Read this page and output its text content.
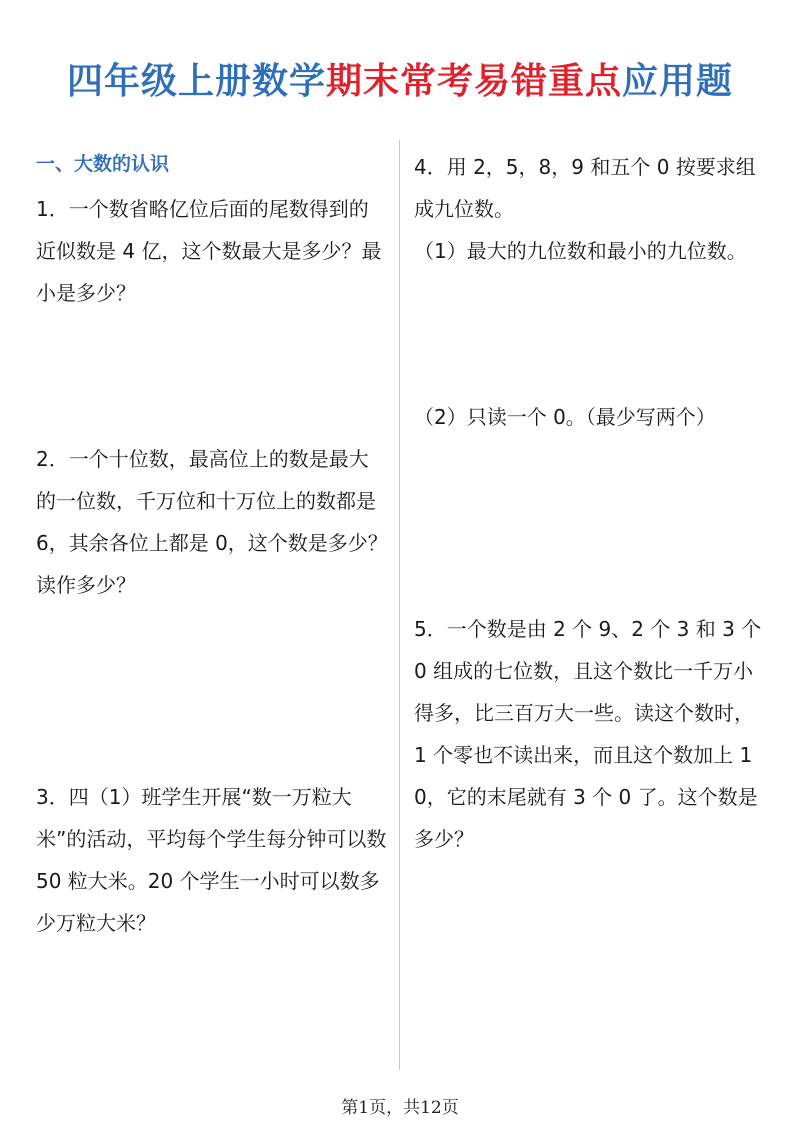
四年级上册数学期末常考易错重点应用题
一、大数的认识
1．一个数省略亿位后面的尾数得到的近似数是 4 亿，这个数最大是多少？最小是多少？
2．一个十位数，最高位上的数是最大的一位数，千万位和十万位上的数都是 6，其余各位上都是 0，这个数是多少？读作多少？
3．四（1）班学生开展“数一万粒大米”的活动，平均每个学生每分钟可以数 50 粒大米。20 个学生一小时可以数多少万粒大米？
4．用 2，5，8，9 和五个 0 按要求组成九位数。
（1）最大的九位数和最小的九位数。
（2）只读一个 0。（最少写两个）
5．一个数是由 2 个 9、2 个 3 和 3 个 0 组成的七位数，且这个数比一千万小得多，比三百万大一些。读这个数时，1 个零也不读出来，而且这个数加上 10，它的末尾就有 3 个 0 了。这个数是多少？
第1页，共12页
